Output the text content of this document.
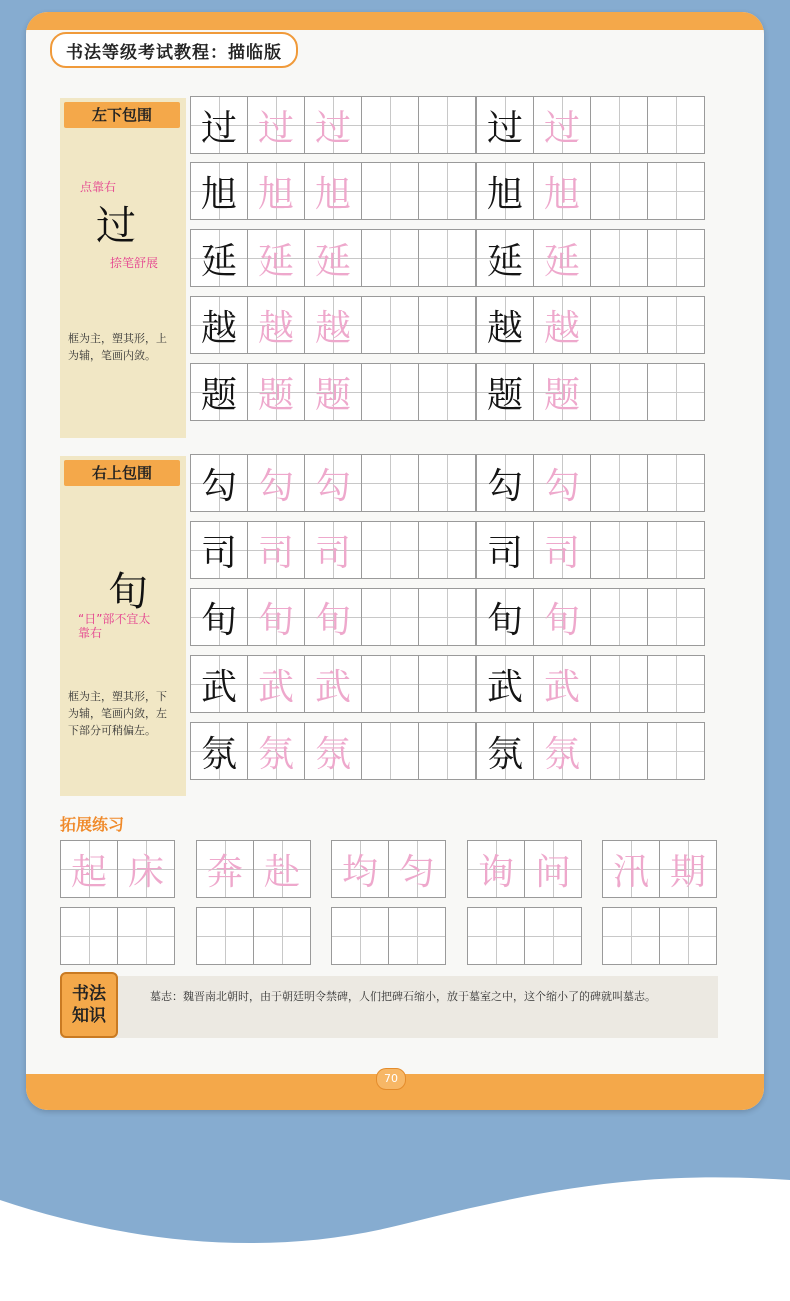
书法等级考试教程：描临版
70
左下包围
点靠右
过
捺笔舒展
框为主，塑其形，上为辅，笔画内敛。
右上包围
旬
“日”部不宜太靠右
框为主，塑其形，下为辅，笔画内敛，左下部分可稍偏左。
过 过 过	过 过
旭 旭 旭	旭 旭
延 延 延	延 延
越 越 越	越 越
题 题 题	题 题
勾 勾 勾	勾 勾
司 司 司	司 司
旬 旬 旬	旬 旬
武 武 武	武 武
氛 氛 氛	氛 氛
拓展练习
起 床	奔 赴	均 匀	询 问	汛 期
书法
知识
墓志：魏晋南北朝时，由于朝廷明令禁碑，人们把碑石缩小，放于墓室之中，这个缩小了的碑就叫墓志。
